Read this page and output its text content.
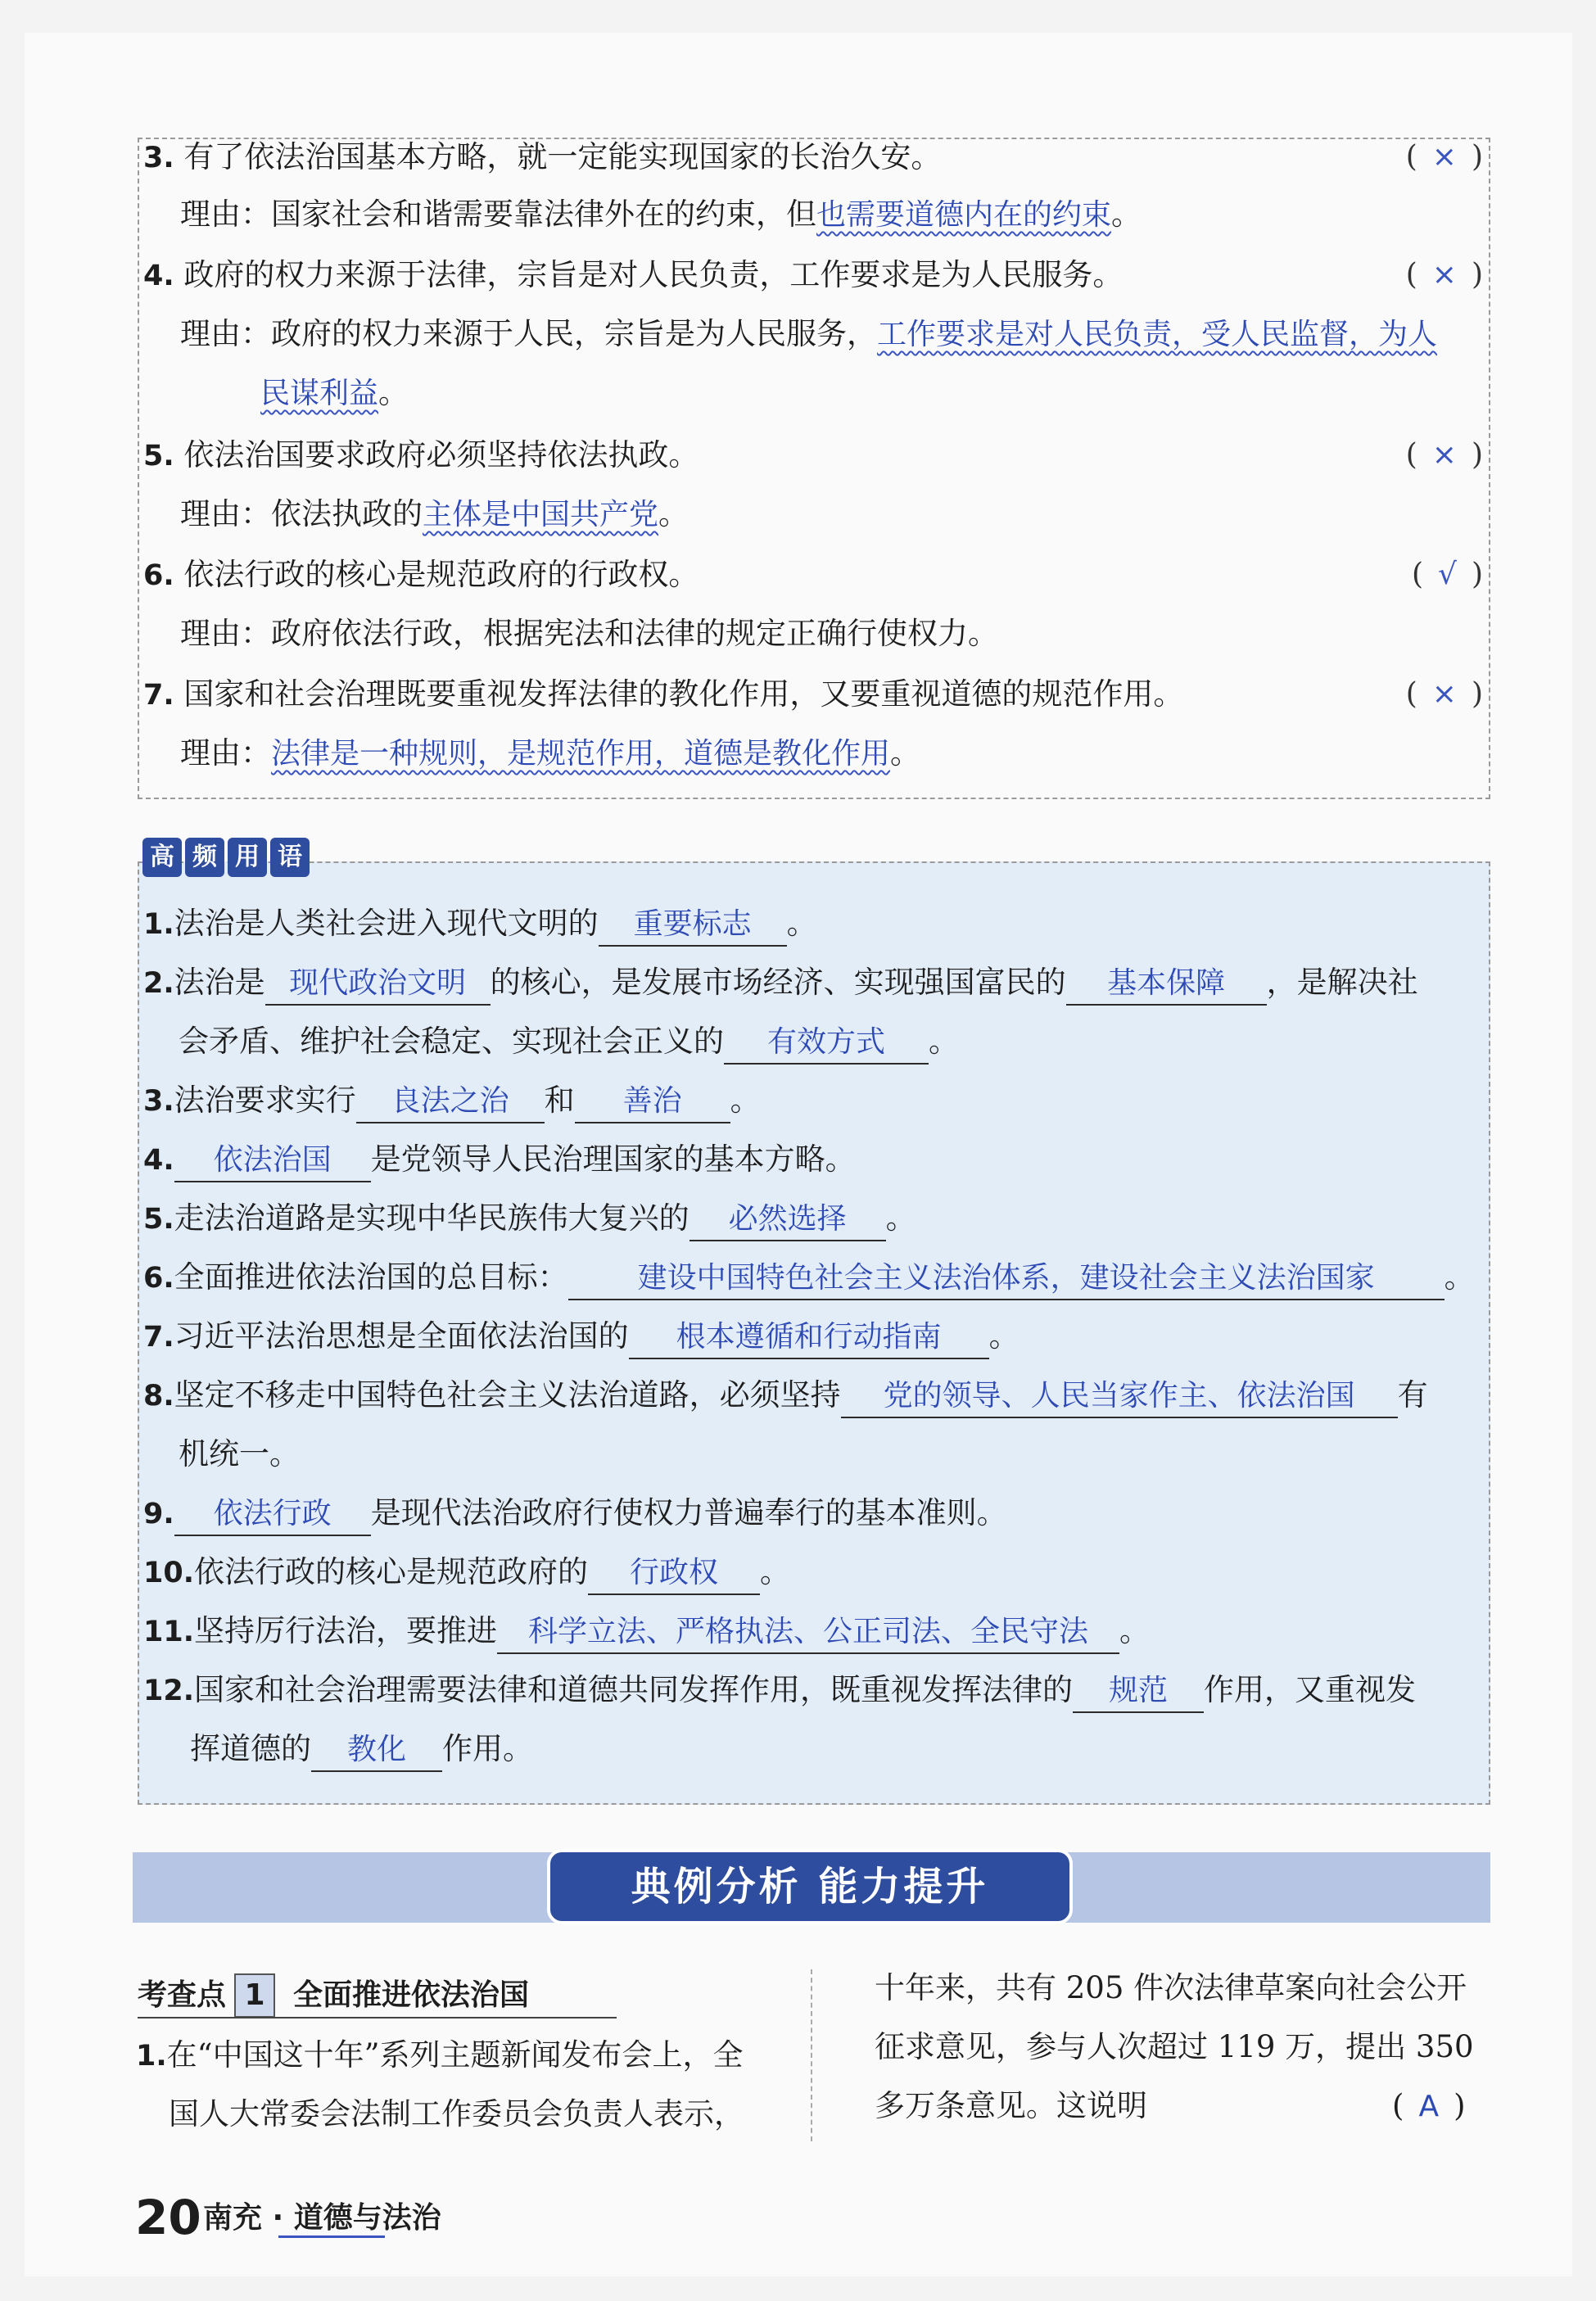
3. 有了依法治国基本方略，就一定能实现国家的长治久安。	( × )
理由：国家社会和谐需要靠法律外在的约束，但也需要道德内在的约束。
4. 政府的权力来源于法律，宗旨是对人民负责，工作要求是为人民服务。	( × )
理由：政府的权力来源于人民，宗旨是为人民服务，工作要求是对人民负责，受人民监督，为人
民谋利益。
5. 依法治国要求政府必须坚持依法执政。	( × )
理由：依法执政的主体是中国共产党。
6. 依法行政的核心是规范政府的行政权。	( √ )
理由：政府依法行政，根据宪法和法律的规定正确行使权力。
7. 国家和社会治理既要重视发挥法律的教化作用，又要重视道德的规范作用。	( × )
理由：法律是一种规则，是规范作用，道德是教化作用。
高 频 用 语
1.法治是人类社会进入现代文明的 重要标志 。
2.法治是 现代政治文明 的核心，是发展市场经济、实现强国富民的 基本保障 ，是解决社
会矛盾、维护社会稳定、实现社会正义的 有效方式 。
3.法治要求实行 良法之治 和 善治 。
4. 依法治国 是党领导人民治理国家的基本方略。
5.走法治道路是实现中华民族伟大复兴的 必然选择 。
6.全面推进依法治国的总目标： 建设中国特色社会主义法治体系，建设社会主义法治国家 。
7.习近平法治思想是全面依法治国的 根本遵循和行动指南 。
8.坚定不移走中国特色社会主义法治道路，必须坚持 党的领导、人民当家作主、依法治国 有
机统一。
9. 依法行政 是现代法治政府行使权力普遍奉行的基本准则。
10.依法行政的核心是规范政府的 行政权 。
11.坚持厉行法治，要推进 科学立法、严格执法、公正司法、全民守法 。
12.国家和社会治理需要法律和道德共同发挥作用，既重视发挥法律的 规范 作用，又重视发
挥道德的 教化 作用。
典例分析 能力提升
考查点 1 全面推进依法治国
1.在“中国这十年”系列主题新闻发布会上，全
国人大常委会法制工作委员会负责人表示，
十年来，共有 205 件次法律草案向社会公开
征求意见，参与人次超过 119 万，提出 350
多万条意见。这说明	( A )
20 南充 · 道德与法治
